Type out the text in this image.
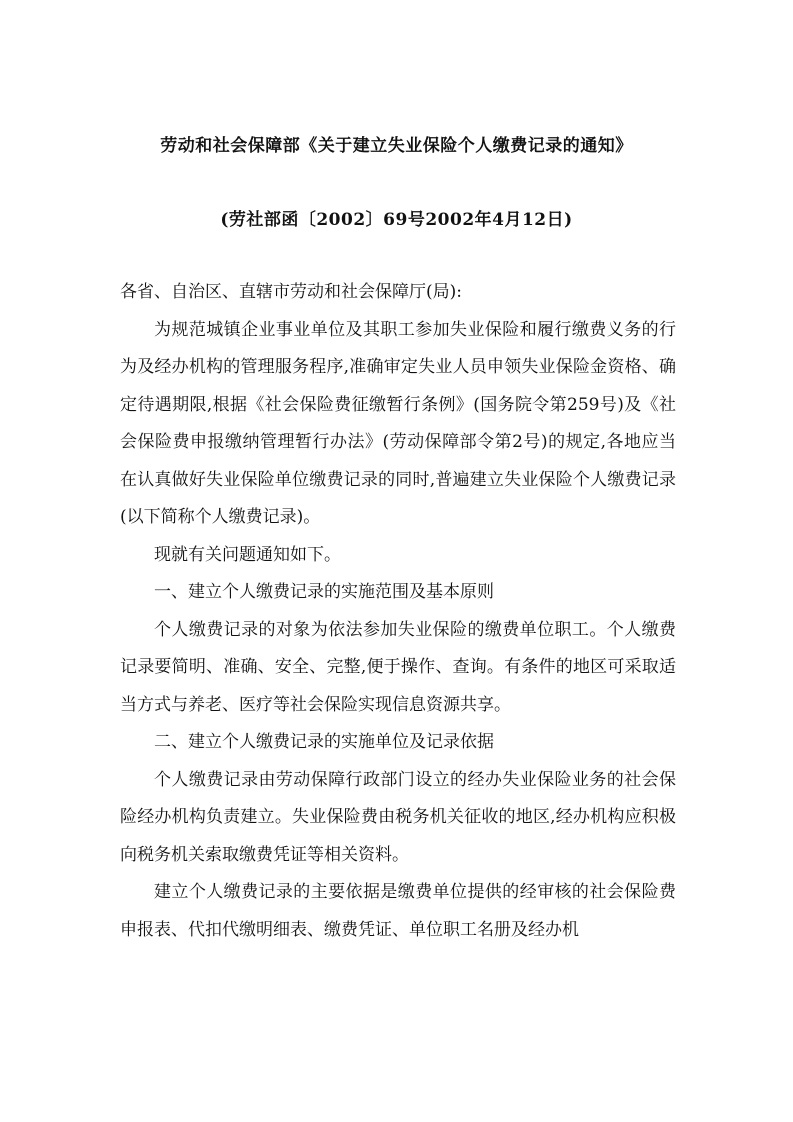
劳动和社会保障部《关于建立失业保险个人缴费记录的通知》
(劳社部函〔2002〕69号2002年4月12日)

各省、自治区、直辖市劳动和社会保障厅(局):

为规范城镇企业事业单位及其职工参加失业保险和履行缴费义务的行为及经办机构的管理服务程序,准确审定失业人员申领失业保险金资格、确定待遇期限,根据《社会保险费征缴暂行条例》(国务院令第259号)及《社会保险费申报缴纳管理暂行办法》(劳动保障部令第2号)的规定,各地应当在认真做好失业保险单位缴费记录的同时,普遍建立失业保险个人缴费记录(以下简称个人缴费记录)。

现就有关问题通知如下。

一、建立个人缴费记录的实施范围及基本原则

个人缴费记录的对象为依法参加失业保险的缴费单位职工。个人缴费记录要简明、准确、安全、完整,便于操作、查询。有条件的地区可采取适当方式与养老、医疗等社会保险实现信息资源共享。

二、建立个人缴费记录的实施单位及记录依据

个人缴费记录由劳动保障行政部门设立的经办失业保险业务的社会保险经办机构负责建立。失业保险费由税务机关征收的地区,经办机构应积极向税务机关索取缴费凭证等相关资料。

建立个人缴费记录的主要依据是缴费单位提供的经审核的社会保险费申报表、代扣代缴明细表、缴费凭证、单位职工名册及经办机
